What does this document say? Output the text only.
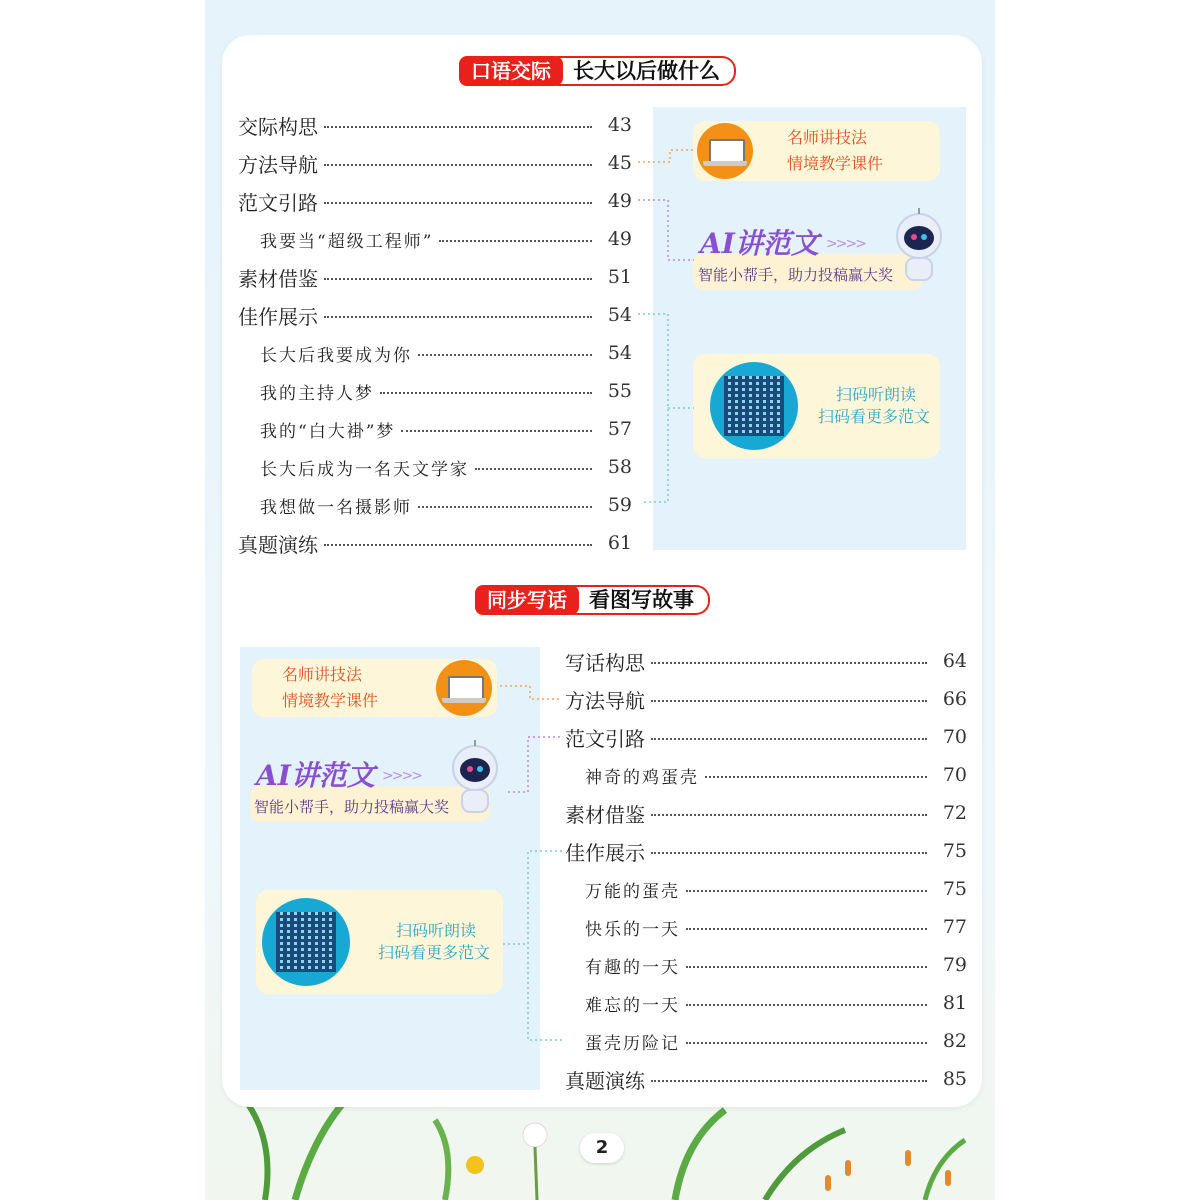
口语交际	长大以后做什么
交际构思	43
方法导航	45
范文引路	49
我要当“超级工程师”	49
素材借鉴	51
佳作展示	54
长大后我要成为你	54
我的主持人梦	55
我的“白大褂”梦	57
长大后成为一名天文学家	58
我想做一名摄影师	59
真题演练	61
名师讲技法
情境教学课件
AI讲范文 >>>>
智能小帮手，助力投稿赢大奖
扫码听朗读
扫码看更多范文
同步写话	看图写故事
写话构思	64
方法导航	66
范文引路	70
神奇的鸡蛋壳	70
素材借鉴	72
佳作展示	75
万能的蛋壳	75
快乐的一天	77
有趣的一天	79
难忘的一天	81
蛋壳历险记	82
真题演练	85
名师讲技法
情境教学课件
AI讲范文 >>>>
智能小帮手，助力投稿赢大奖
扫码听朗读
扫码看更多范文
2
